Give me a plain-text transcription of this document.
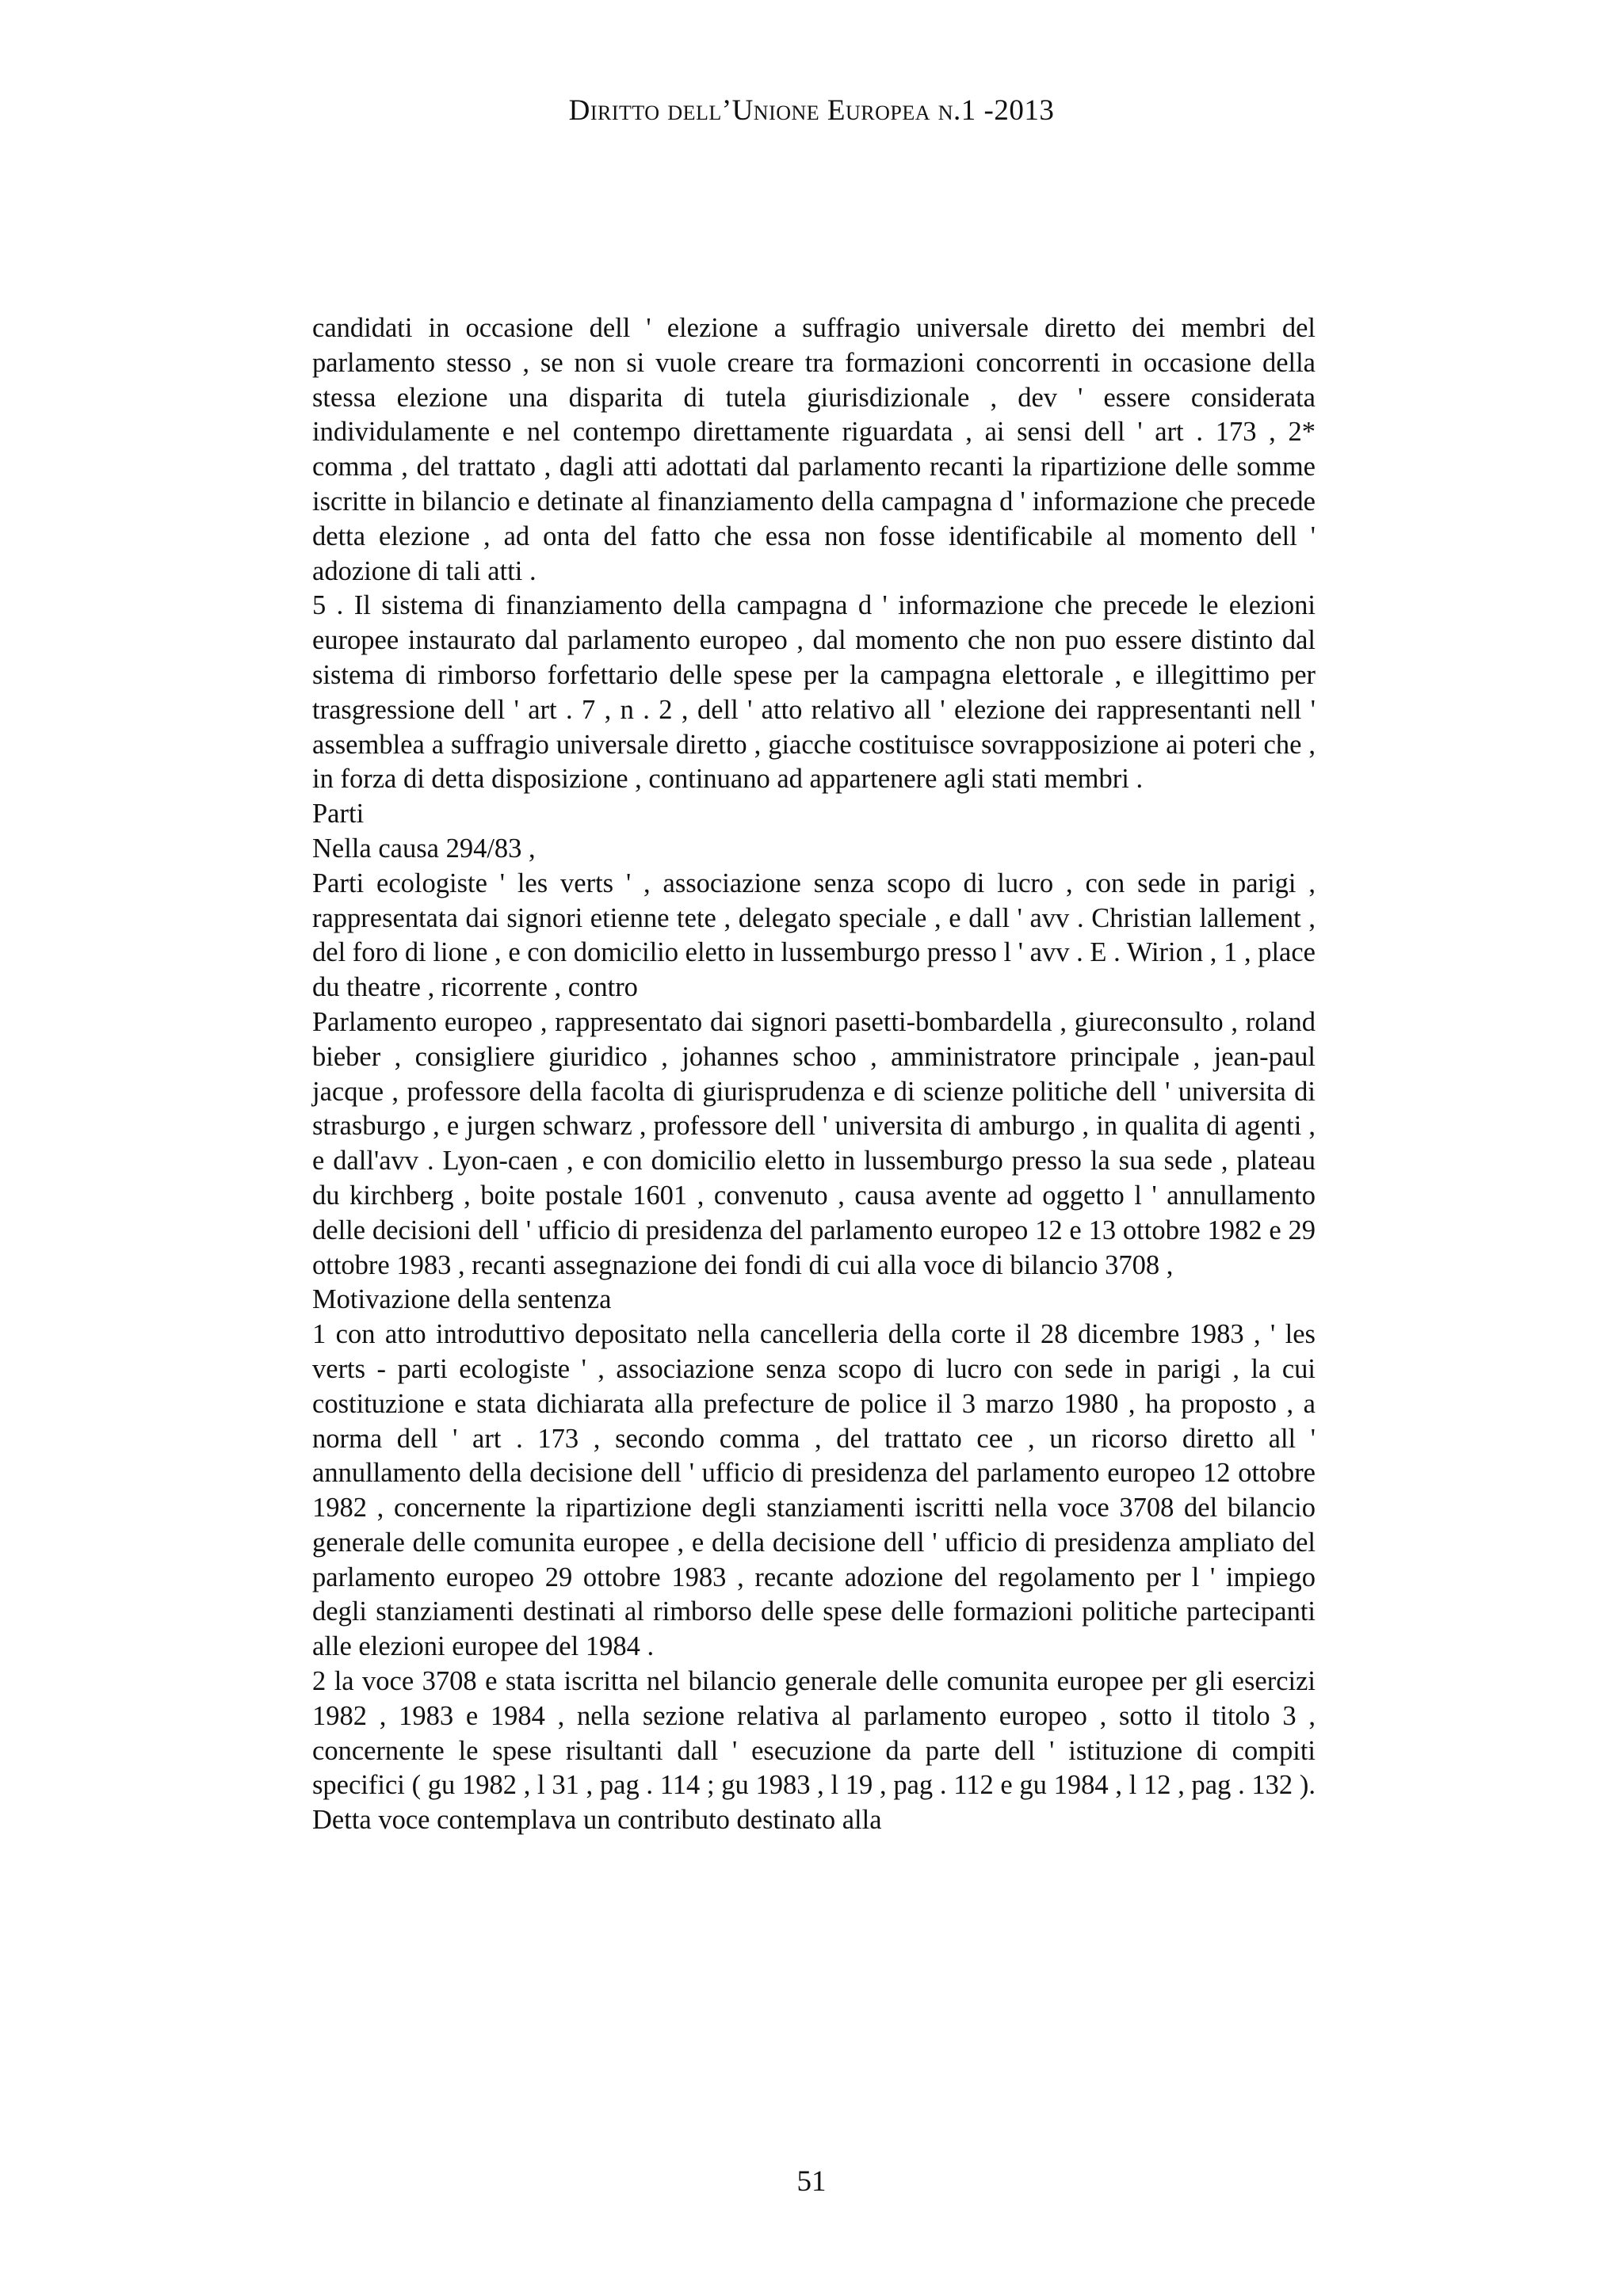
Diritto dell’Unione Europea n.1 -2013

candidati in occasione dell ' elezione a suffragio universale diretto dei membri del parlamento stesso , se non si vuole creare tra formazioni concorrenti in occasione della stessa elezione una disparita di tutela giurisdizionale , dev ' essere considerata individulamente e nel contempo direttamente riguardata , ai sensi dell ' art . 173 , 2* comma , del trattato , dagli atti adottati dal parlamento recanti la ripartizione delle somme iscritte in bilancio e detinate al finanziamento della campagna d ' informazione che precede detta elezione , ad onta del fatto che essa non fosse identificabile al momento dell ' adozione di tali atti .

5 . Il sistema di finanziamento della campagna d ' informazione che precede le elezioni europee instaurato dal parlamento europeo , dal momento che non puo essere distinto dal sistema di rimborso forfettario delle spese per la campagna elettorale , e illegittimo per trasgressione dell ' art . 7 , n . 2 , dell ' atto relativo all ' elezione dei rappresentanti nell ' assemblea a suffragio universale diretto , giacche costituisce sovrapposizione ai poteri che , in forza di detta disposizione , continuano ad appartenere agli stati membri .

Parti

Nella causa 294/83 ,

Parti ecologiste ' les verts ' , associazione senza scopo di lucro , con sede in parigi , rappresentata dai signori etienne tete , delegato speciale , e dall ' avv . Christian lallement , del foro di lione , e con domicilio eletto in lussemburgo presso l ' avv . E . Wirion , 1 , place du theatre , ricorrente , contro

Parlamento europeo , rappresentato dai signori pasetti-bombardella , giureconsulto , roland bieber , consigliere giuridico , johannes schoo , amministratore principale , jean-paul jacque , professore della facolta di giurisprudenza e di scienze politiche dell ' universita di strasburgo , e jurgen schwarz , professore dell ' universita di amburgo , in qualita di agenti , e dall'avv . Lyon-caen , e con domicilio eletto in lussemburgo presso la sua sede , plateau du kirchberg , boite postale 1601 , convenuto , causa avente ad oggetto l ' annullamento delle decisioni dell ' ufficio di presidenza del parlamento europeo 12 e 13 ottobre 1982 e 29 ottobre 1983 , recanti assegnazione dei fondi di cui alla voce di bilancio 3708 ,

Motivazione della sentenza

1 con atto introduttivo depositato nella cancelleria della corte il 28 dicembre 1983 , ' les verts - parti ecologiste ' , associazione senza scopo di lucro con sede in parigi , la cui costituzione e stata dichiarata alla prefecture de police il 3 marzo 1980 , ha proposto , a norma dell ' art . 173 , secondo comma , del trattato cee , un ricorso diretto all ' annullamento della decisione dell ' ufficio di presidenza del parlamento europeo 12 ottobre 1982 , concernente la ripartizione degli stanziamenti iscritti nella voce 3708 del bilancio generale delle comunita europee , e della decisione dell ' ufficio di presidenza ampliato del parlamento europeo 29 ottobre 1983 , recante adozione del regolamento per l ' impiego degli stanziamenti destinati al rimborso delle spese delle formazioni politiche partecipanti alle elezioni europee del 1984 .

2 la voce 3708 e stata iscritta nel bilancio generale delle comunita europee per gli esercizi 1982 , 1983 e 1984 , nella sezione relativa al parlamento europeo , sotto il titolo 3 , concernente le spese risultanti dall ' esecuzione da parte dell ' istituzione di compiti specifici ( gu 1982 , l 31 , pag . 114 ; gu 1983 , l 19 , pag . 112 e gu 1984 , l 12 , pag . 132 ). Detta voce contemplava un contributo destinato alla

51
